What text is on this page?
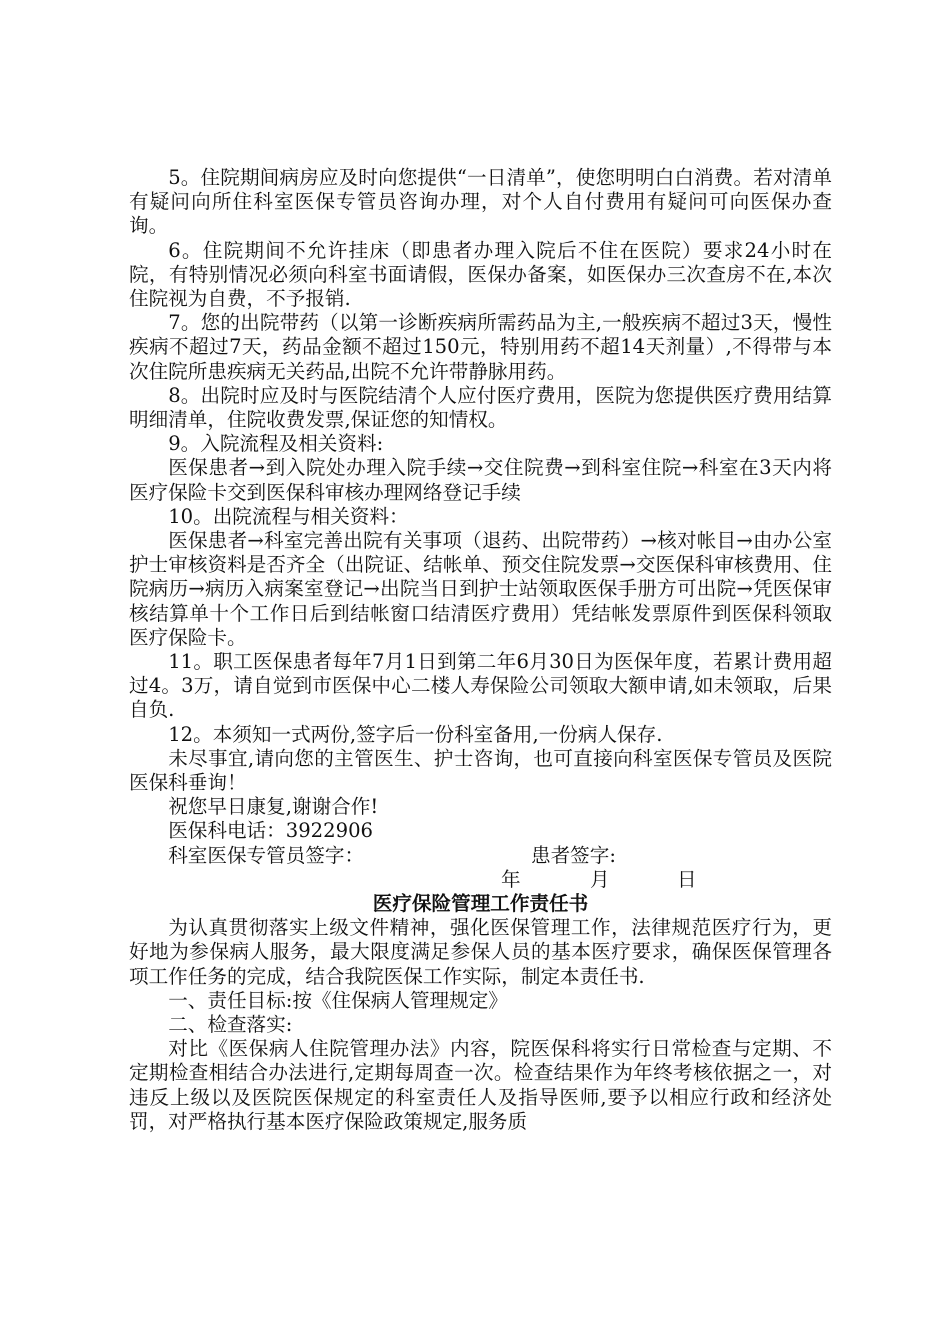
5。住院期间病房应及时向您提供“一日清单”，使您明明白白消费。若对清单有疑问向所住科室医保专管员咨询办理，对个人自付费用有疑问可向医保办查询。

6。住院期间不允许挂床（即患者办理入院后不住在医院）要求24小时在院，有特别情况必须向科室书面请假，医保办备案，如医保办三次查房不在,本次住院视为自费，不予报销.

7。您的出院带药（以第一诊断疾病所需药品为主,一般疾病不超过3天，慢性疾病不超过7天，药品金额不超过150元，特别用药不超14天剂量）,不得带与本次住院所患疾病无关药品,出院不允许带静脉用药。

8。出院时应及时与医院结清个人应付医疗费用，医院为您提供医疗费用结算明细清单，住院收费发票,保证您的知情权。

9。入院流程及相关资料:

医保患者→到入院处办理入院手续→交住院费→到科室住院→科室在3天内将医疗保险卡交到医保科审核办理网络登记手续

10。出院流程与相关资料：

医保患者→科室完善出院有关事项（退药、出院带药）→核对帐目→由办公室护士审核资料是否齐全（出院证、结帐单、预交住院发票→交医保科审核费用、住院病历→病历入病案室登记→出院当日到护士站领取医保手册方可出院→凭医保审核结算单十个工作日后到结帐窗口结清医疗费用）凭结帐发票原件到医保科领取医疗保险卡。

11。职工医保患者每年7月1日到第二年6月30日为医保年度，若累计费用超过4。3万，请自觉到市医保中心二楼人寿保险公司领取大额申请,如未领取，后果自负.

12。本须知一式两份,签字后一份科室备用,一份病人保存.

未尽事宜,请向您的主管医生、护士咨询，也可直接向科室医保专管员及医院医保科垂询！

祝您早日康复,谢谢合作!

医保科电话：3922906

科室医保专管员签字：	患者签字:
年	月	日

医疗保险管理工作责任书

为认真贯彻落实上级文件精神，强化医保管理工作，法律规范医疗行为，更好地为参保病人服务，最大限度满足参保人员的基本医疗要求，确保医保管理各项工作任务的完成，结合我院医保工作实际，制定本责任书.

一、责任目标:按《住保病人管理规定》

二、检查落实:

对比《医保病人住院管理办法》内容，院医保科将实行日常检查与定期、不定期检查相结合办法进行,定期每周查一次。检查结果作为年终考核依据之一，对违反上级以及医院医保规定的科室责任人及指导医师,要予以相应行政和经济处罚，对严格执行基本医疗保险政策规定,服务质
